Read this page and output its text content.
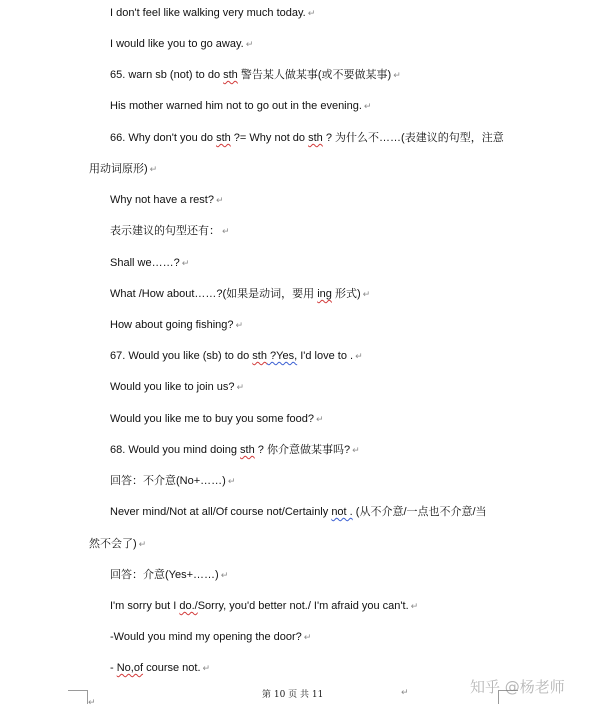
I don't feel like walking very much today. ↵
I would like you to go away. ↵
65. warn sb (not) to do sth 警告某人做某事(或不要做某事) ↵
His mother warned him not to go out in the evening. ↵
66. Why don't you do sth ?= Why not do sth ? 为什么不……(表建议的句型，注意
用动词原形) ↵
Why not have a rest? ↵
表示建议的句型还有： ↵
Shall we……? ↵
What /How about……?(如果是动词，要用 ing 形式) ↵
How about going fishing? ↵
67. Would you like (sb) to do sth ?Yes, I'd love to . ↵
Would you like to join us? ↵
Would you like me to buy you some food? ↵
68. Would you mind doing sth ? 你介意做某事吗? ↵
回答：不介意(No+……) ↵
Never mind/Not at all/Of course not/Certainly not . (从不介意/一点也不介意/当
然不会了) ↵
回答：介意(Yes+……) ↵
I'm sorry but I do./Sorry, you'd better not./ I'm afraid you can't. ↵
-Would you mind my opening the door? ↵
- No,of course not. ↵
↵
第 10 页 共 11	↵	知乎 @杨老师
